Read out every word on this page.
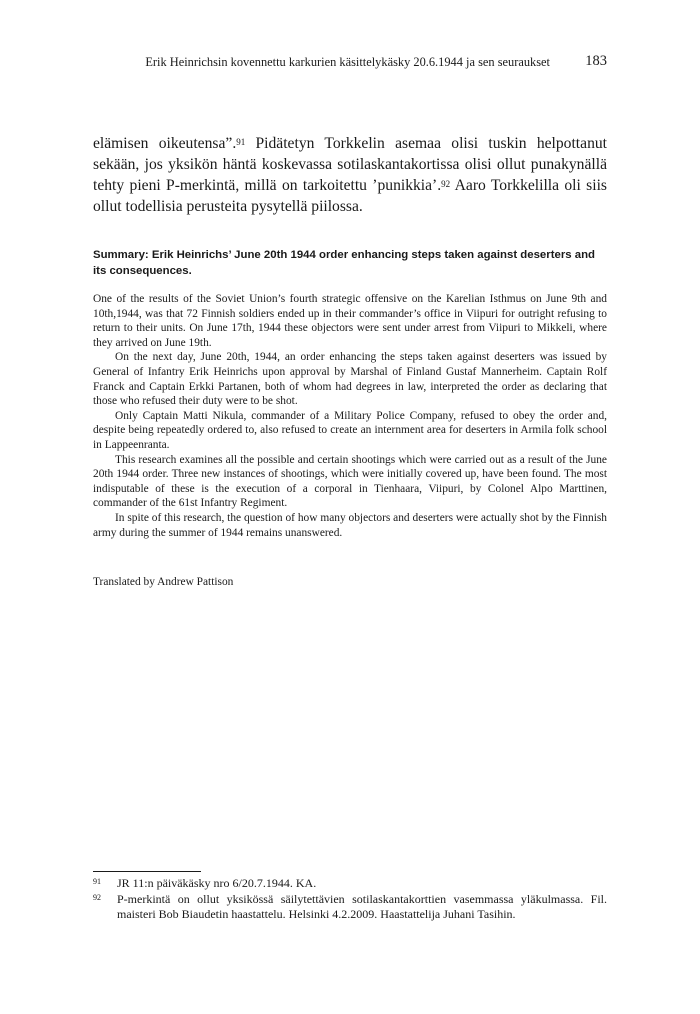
Erik Heinrichsin kovennettu karkurien käsittelykäsky 20.6.1944 ja sen seuraukset 183

elämisen oikeutensa”.$^{91}$ Pidätetyn Torkkelin asemaa olisi tuskin helpottanut sekään, jos yksikön häntä koskevassa sotilaskantakortissa olisi ollut punakynällä tehty pieni P-merkintä, millä on tarkoitettu ’punikkia’.$^{92}$ Aaro Torkkelilla oli siis ollut todellisia perusteita pysytellä piilossa.

Summary: Erik Heinrichs’ June 20th 1944 order enhancing steps taken against deserters and its consequences.

One of the results of the Soviet Union’s fourth strategic offensive on the Karelian Isthmus on June 9th and 10th,1944, was that 72 Finnish soldiers ended up in their commander’s office in Viipuri for outright refusing to return to their units. On June 17th, 1944 these objectors were sent under arrest from Viipuri to Mikkeli, where they arrived on June 19th.

On the next day, June 20th, 1944, an order enhancing the steps taken against deserters was issued by General of Infantry Erik Heinrichs upon approval by Marshal of Finland Gustaf Mannerheim. Captain Rolf Franck and Captain Erkki Partanen, both of whom had degrees in law, interpreted the order as declaring that those who refused their duty were to be shot.

Only Captain Matti Nikula, commander of a Military Police Company, refused to obey the order and, despite being repeatedly ordered to, also refused to create an internment area for deserters in Armila folk school in Lappeenranta.

This research examines all the possible and certain shootings which were carried out as a result of the June 20th 1944 order. Three new instances of shootings, which were initially covered up, have been found. The most indisputable of these is the execution of a corporal in Tienhaara, Viipuri, by Colonel Alpo Marttinen, commander of the 61st Infantry Regiment.

In spite of this research, the question of how many objectors and deserters were actually shot by the Finnish army during the summer of 1944 remains unanswered.

Translated by Andrew Pattison
91	JR 11:n päiväkäsky nro 6/20.7.1944. KA.
92	P-merkintä on ollut yksikössä säilytettävien sotilaskantakorttien vasemmassa yläkulmassa. Fil. maisteri Bob Biaudetin haastattelu. Helsinki 4.2.2009. Haastattelija Juhani Tasihin.
